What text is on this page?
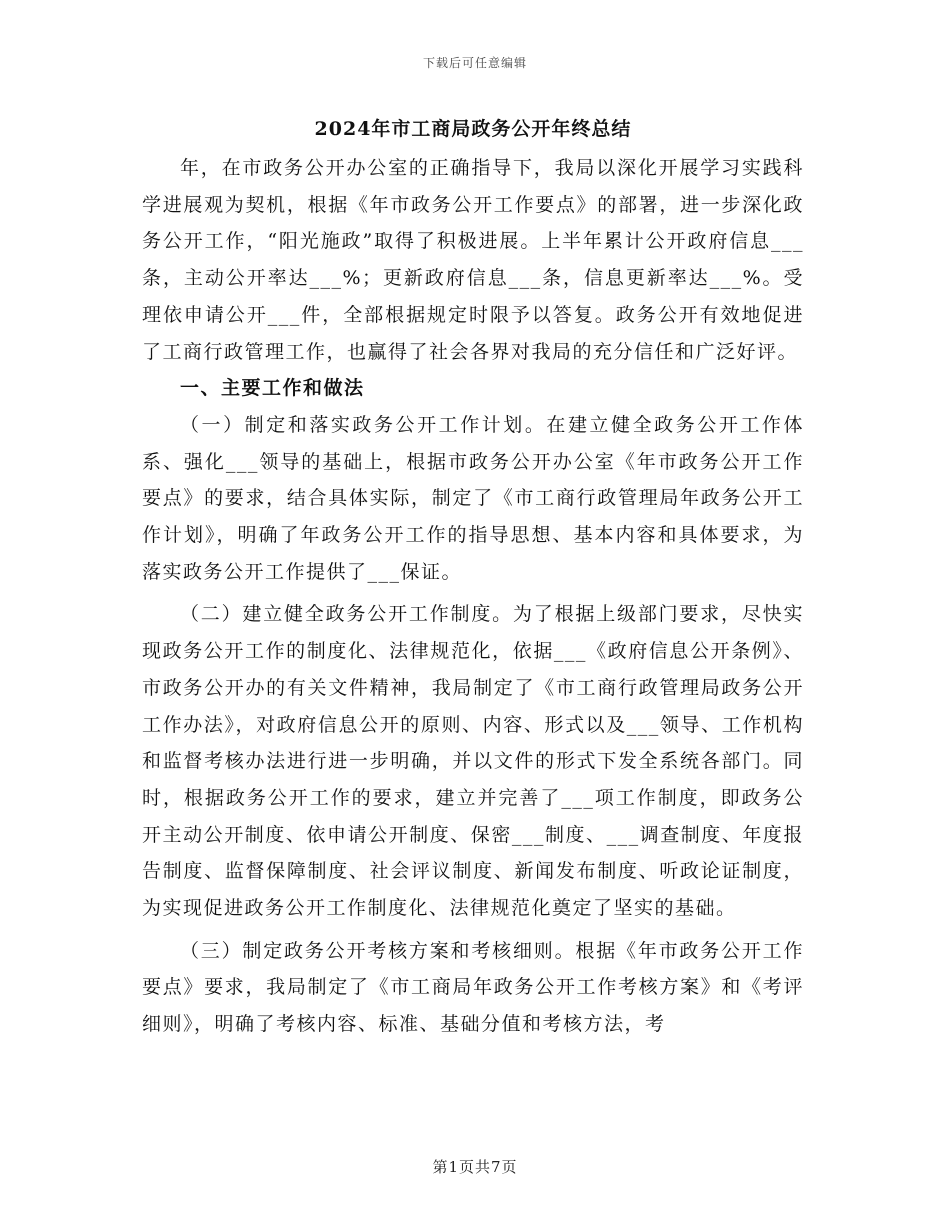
下载后可任意编辑
2024年市工商局政务公开年终总结

年，在市政务公开办公室的正确指导下，我局以深化开展学习实践科学进展观为契机，根据《年市政务公开工作要点》的部署，进一步深化政务公开工作，“阳光施政”取得了积极进展。上半年累计公开政府信息___条，主动公开率达___%；更新政府信息___条，信息更新率达___%。受理依申请公开___件，全部根据规定时限予以答复。政务公开有效地促进了工商行政管理工作，也赢得了社会各界对我局的充分信任和广泛好评。

一、主要工作和做法

（一）制定和落实政务公开工作计划。在建立健全政务公开工作体系、强化___领导的基础上，根据市政务公开办公室《年市政务公开工作要点》的要求，结合具体实际，制定了《市工商行政管理局年政务公开工作计划》，明确了年政务公开工作的指导思想、基本内容和具体要求，为落实政务公开工作提供了___保证。

（二）建立健全政务公开工作制度。为了根据上级部门要求，尽快实现政务公开工作的制度化、法律规范化，依据___《政府信息公开条例》、市政务公开办的有关文件精神，我局制定了《市工商行政管理局政务公开工作办法》，对政府信息公开的原则、内容、形式以及___领导、工作机构和监督考核办法进行进一步明确，并以文件的形式下发全系统各部门。同时，根据政务公开工作的要求，建立并完善了___项工作制度，即政务公开主动公开制度、依申请公开制度、保密___制度、___调查制度、年度报告制度、监督保障制度、社会评议制度、新闻发布制度、听政论证制度，为实现促进政务公开工作制度化、法律规范化奠定了坚实的基础。

（三）制定政务公开考核方案和考核细则。根据《年市政务公开工作要点》要求，我局制定了《市工商局年政务公开工作考核方案》和《考评细则》，明确了考核内容、标准、基础分值和考核方法，考

第1页共7页
